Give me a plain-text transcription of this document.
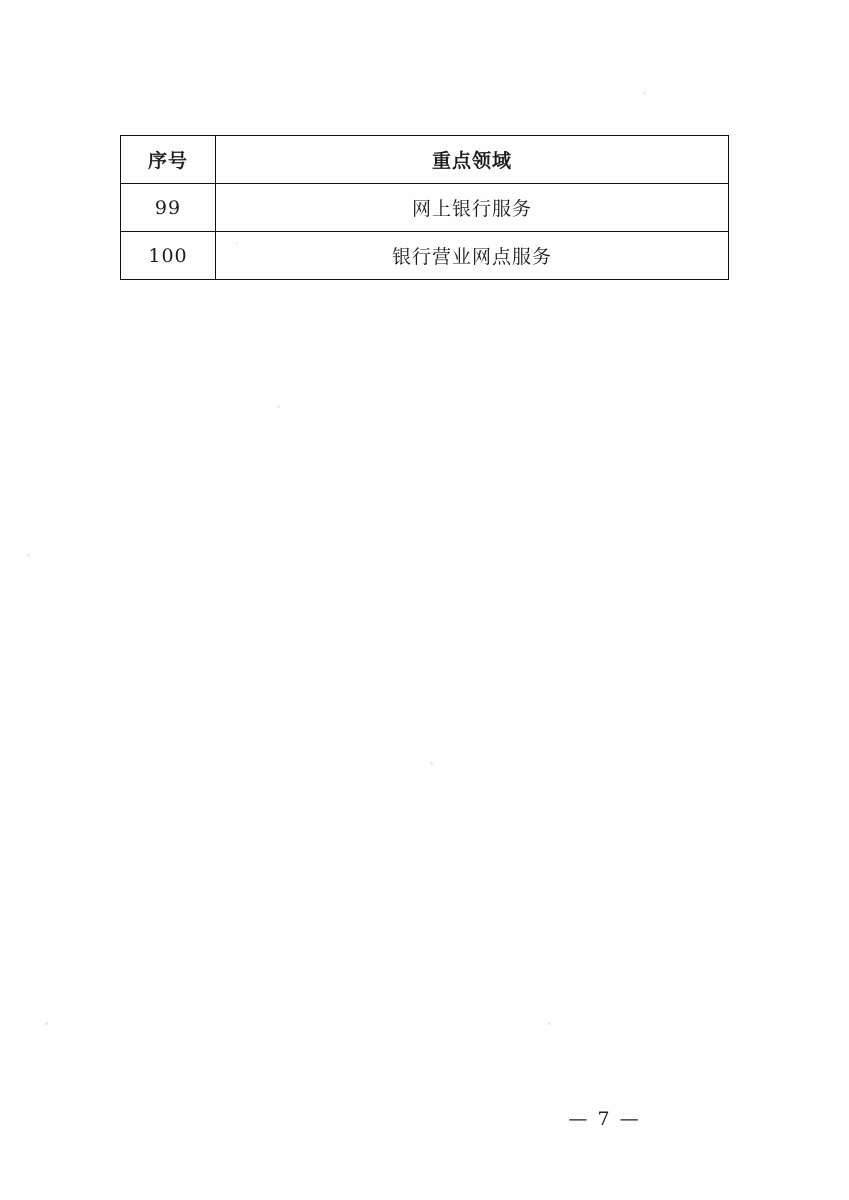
序号	重点领域
99	网上银行服务
100	银行营业网点服务
— 7 —
